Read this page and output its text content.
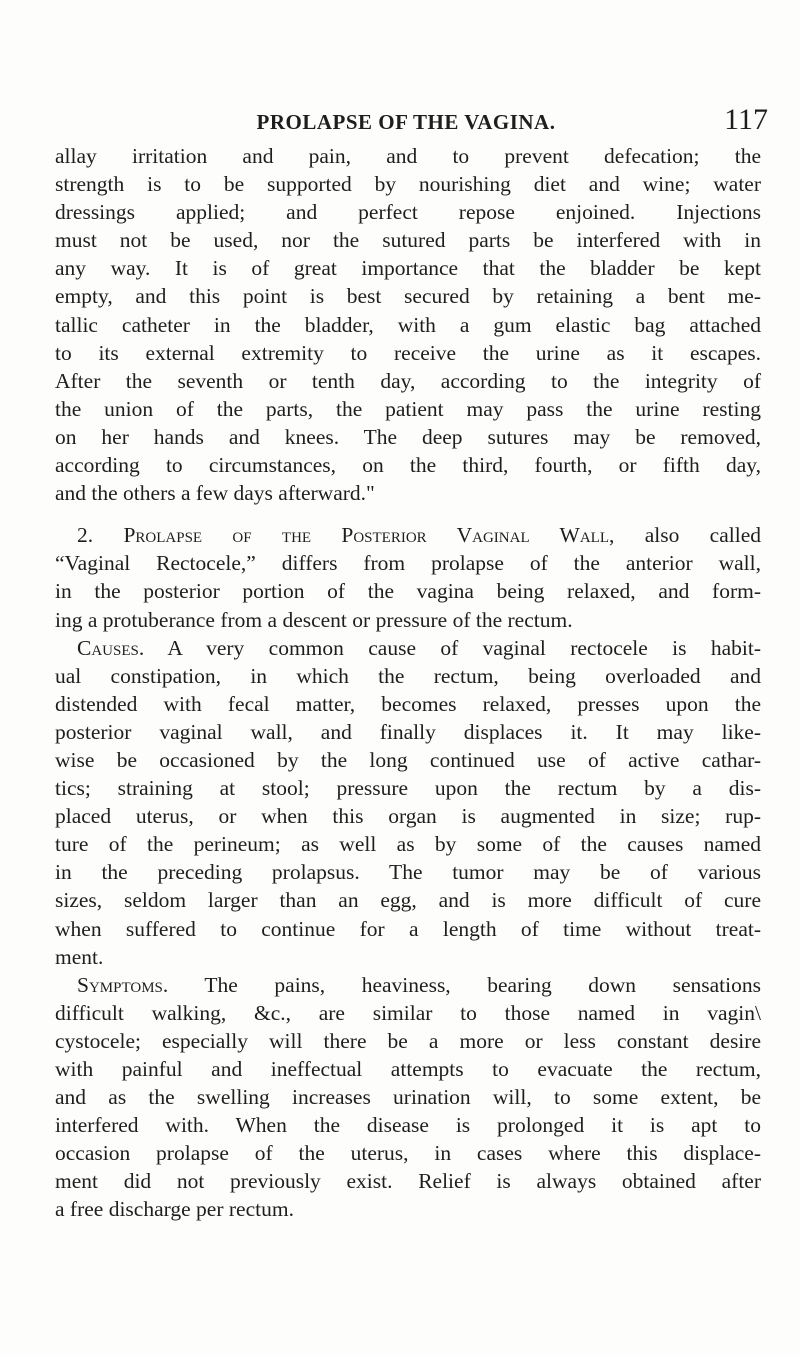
PROLAPSE OF THE VAGINA.	117
allay irritation and pain, and to prevent defecation; the
strength is to be supported by nourishing diet and wine; water
dressings applied; and perfect repose enjoined. Injections
must not be used, nor the sutured parts be interfered with in
any way. It is of great importance that the bladder be kept
empty, and this point is best secured by retaining a bent me-
tallic catheter in the bladder, with a gum elastic bag attached
to its external extremity to receive the urine as it escapes.
After the seventh or tenth day, according to the integrity of
the union of the parts, the patient may pass the urine resting
on her hands and knees. The deep sutures may be removed,
according to circumstances, on the third, fourth, or fifth day,
and the others a few days afterward."
2. Prolapse of the Posterior Vaginal Wall, also called
“Vaginal Rectocele,” differs from prolapse of the anterior wall,
in the posterior portion of the vagina being relaxed, and form-
ing a protuberance from a descent or pressure of the rectum.
Causes. A very common cause of vaginal rectocele is habit-
ual constipation, in which the rectum, being overloaded and
distended with fecal matter, becomes relaxed, presses upon the
posterior vaginal wall, and finally displaces it. It may like-
wise be occasioned by the long continued use of active cathar-
tics; straining at stool; pressure upon the rectum by a dis-
placed uterus, or when this organ is augmented in size; rup-
ture of the perineum; as well as by some of the causes named
in the preceding prolapsus. The tumor may be of various
sizes, seldom larger than an egg, and is more difficult of cure
when suffered to continue for a length of time without treat-
ment.
Symptoms. The pains, heaviness, bearing down sensations
difficult walking, &c., are similar to those named in vagin\
cystocele; especially will there be a more or less constant desire
with painful and ineffectual attempts to evacuate the rectum,
and as the swelling increases urination will, to some extent, be
interfered with. When the disease is prolonged it is apt to
occasion prolapse of the uterus, in cases where this displace-
ment did not previously exist. Relief is always obtained after
a free discharge per rectum.
